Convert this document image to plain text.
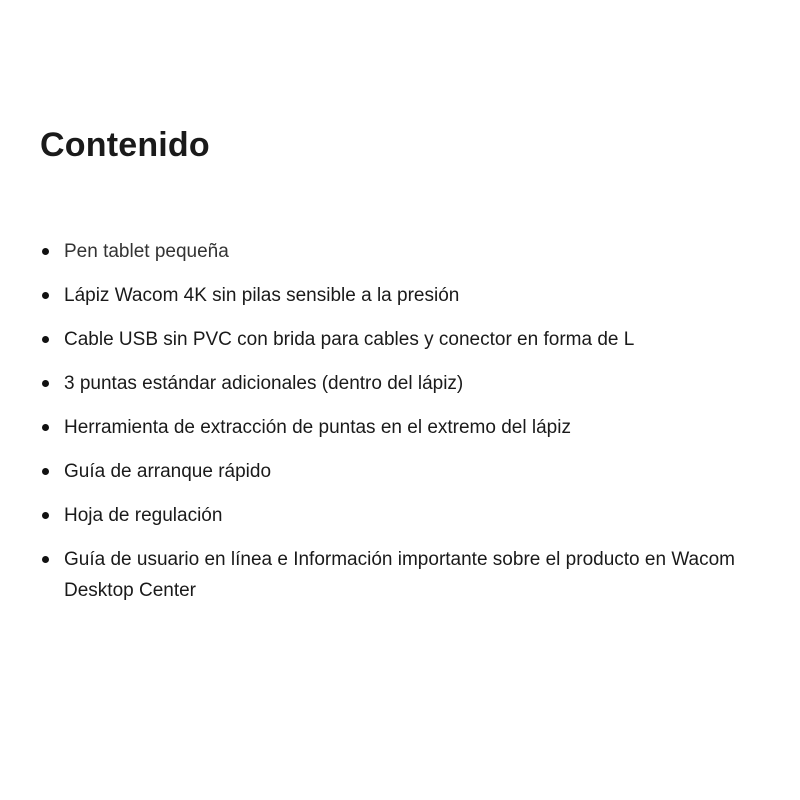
Contenido
Pen tablet pequeña
Lápiz Wacom 4K sin pilas sensible a la presión
Cable USB sin PVC con brida para cables y conector en forma de L
3 puntas estándar adicionales (dentro del lápiz)
Herramienta de extracción de puntas en el extremo del lápiz
Guía de arranque rápido
Hoja de regulación
Guía de usuario en línea e Información importante sobre el producto en Wacom Desktop Center
